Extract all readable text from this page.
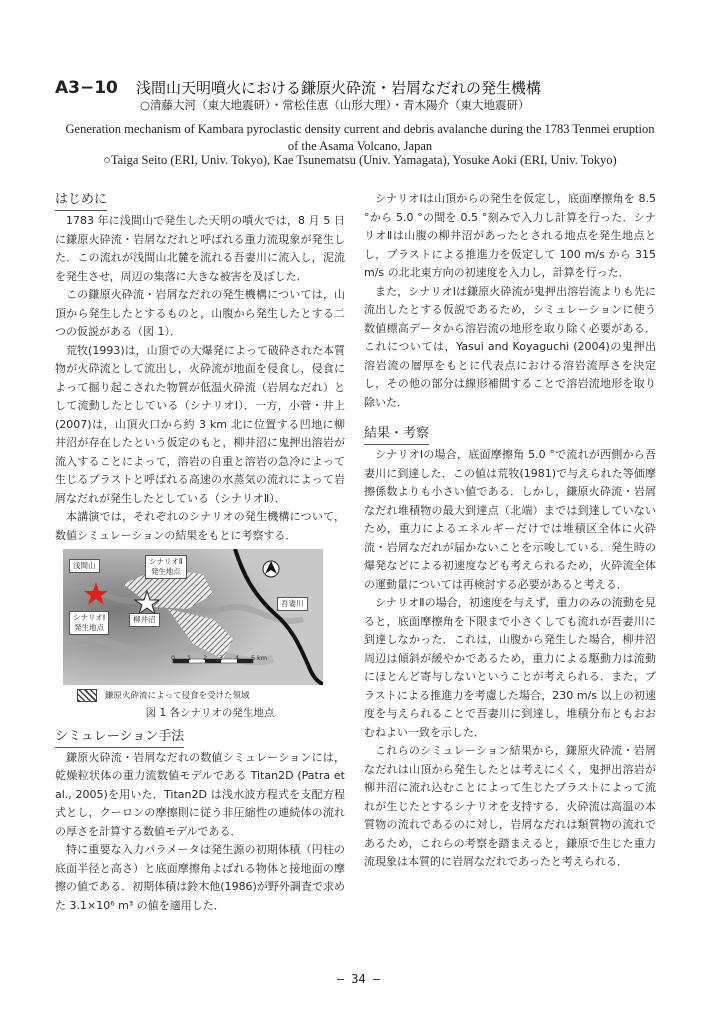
A3−10 浅間山天明噴火における鎌原火砕流・岩屑なだれの発生機構
○清藤大河（東大地震研）・常松佳恵（山形大理）・青木陽介（東大地震研）
Generation mechanism of Kambara pyroclastic density current and debris avalanche during the 1783 Tenmei eruption of the Asama Volcano, Japan
○Taiga Seito (ERI, Univ. Tokyo), Kae Tsunematsu (Univ. Yamagata), Yosuke Aoki (ERI, Univ. Tokyo)
はじめに

1783 年に浅間山で発生した天明の噴火では，8 月 5 日に鎌原火砕流・岩屑なだれと呼ばれる重力流現象が発生した．この流れが浅間山北麓を流れる吾妻川に流入し，泥流を発生させ，周辺の集落に大きな被害を及ぼした．

この鎌原火砕流・岩屑なだれの発生機構については，山頂から発生したとするものと，山腹から発生したとする二つの仮説がある（図 1）．

荒牧(1993)は，山頂での大爆発によって破砕された本質物が火砕流として流出し，火砕流が地面を侵食し，侵食によって掘り起こされた物質が低温火砕流（岩屑なだれ）として流動したとしている（シナリオⅠ）．一方，小菅・井上(2007)は，山頂火口から約 3 km 北に位置する凹地に柳井沼が存在したという仮定のもと，柳井沼に鬼押出溶岩が流入することによって，溶岩の自重と溶岩の急冷によって生じるブラストと呼ばれる高速の水蒸気の流れによって岩屑なだれが発生したとしている（シナリオⅡ）．

本講演では，それぞれのシナリオの発生機構について，数値シミュレーションの結果をもとに考察する．

浅間山	シナリオⅡ
発生地点
シナリオⅠ
発生地点
柳井沼
吾妻川
0 1 2 3 4 5 km
鎌原火砕流によって侵食を受けた領域
図 1 各シナリオの発生地点
シミュレーション手法

鎌原火砕流・岩屑なだれの数値シミュレーションには，乾燥粒状体の重力流数値モデルである Titan2D (Patra et al., 2005)を用いた．Titan2D は浅水波方程式を支配方程式とし，クーロンの摩擦則に従う非圧縮性の連続体の流れの厚さを計算する数値モデルである．

特に重要な入力パラメータは発生源の初期体積（円柱の底面半径と高さ）と底面摩擦角よばれる物体と接地面の摩擦の値である．初期体積は鈴木他(1986)が野外調査で求めた 3.1×10⁶ m³ の値を適用した．

シナリオⅠは山頂からの発生を仮定し，底面摩擦角を 8.5 °から 5.0 °の間を 0.5 °刻みで入力し計算を行った．シナリオⅡは山腹の柳井沼があったとされる地点を発生地点とし，ブラストによる推進力を仮定して 100 m/s から 315 m/s の北北東方向の初速度を入力し，計算を行った．

また，シナリオⅠは鎌原火砕流が鬼押出溶岩流よりも先に流出したとする仮説であるため，シミュレーションに使う数値標高データから溶岩流の地形を取り除く必要がある．これについては，Yasui and Koyaguchi (2004)の鬼押出溶岩流の層厚をもとに代表点における溶岩流厚さを決定し，その他の部分は線形補間することで溶岩流地形を取り除いた．

結果・考察

シナリオⅠの場合，底面摩擦角 5.0 °で流れが西側から吾妻川に到達した．この値は荒牧(1981)で与えられた等価摩擦係数よりも小さい値である．しかし，鎌原火砕流・岩屑なだれ堆積物の最大到達点（北端）までは到達していないため，重力によるエネルギーだけでは堆積区全体に火砕流・岩屑なだれが届かないことを示唆している．発生時の爆発などによる初速度なども考えられるため，火砕流全体の運動量については再検討する必要があると考える．

シナリオⅡの場合，初速度を与えず，重力のみの流動を見ると，底面摩擦角を下限まで小さくしても流れが吾妻川に到達しなかった．これは，山腹から発生した場合，柳井沼周辺は傾斜が緩やかであるため，重力による駆動力は流動にほとんど寄与しないということが考えられる．また，ブラストによる推進力を考慮した場合，230 m/s 以上の初速度を与えられることで吾妻川に到達し，堆積分布ともおおむねよい一致を示した．

これらのシミュレーション結果から，鎌原火砕流・岩屑なだれは山頂から発生したとは考えにくく，鬼押出溶岩が柳井沼に流れ込むことによって生じたブラストによって流れが生じたとするシナリオを支持する．火砕流は高温の本質物の流れであるのに対し，岩屑なだれは類質物の流れであるため，これらの考察を踏まえると，鎌原で生じた重力流現象は本質的に岩屑なだれであったと考えられる．

— 34 —
